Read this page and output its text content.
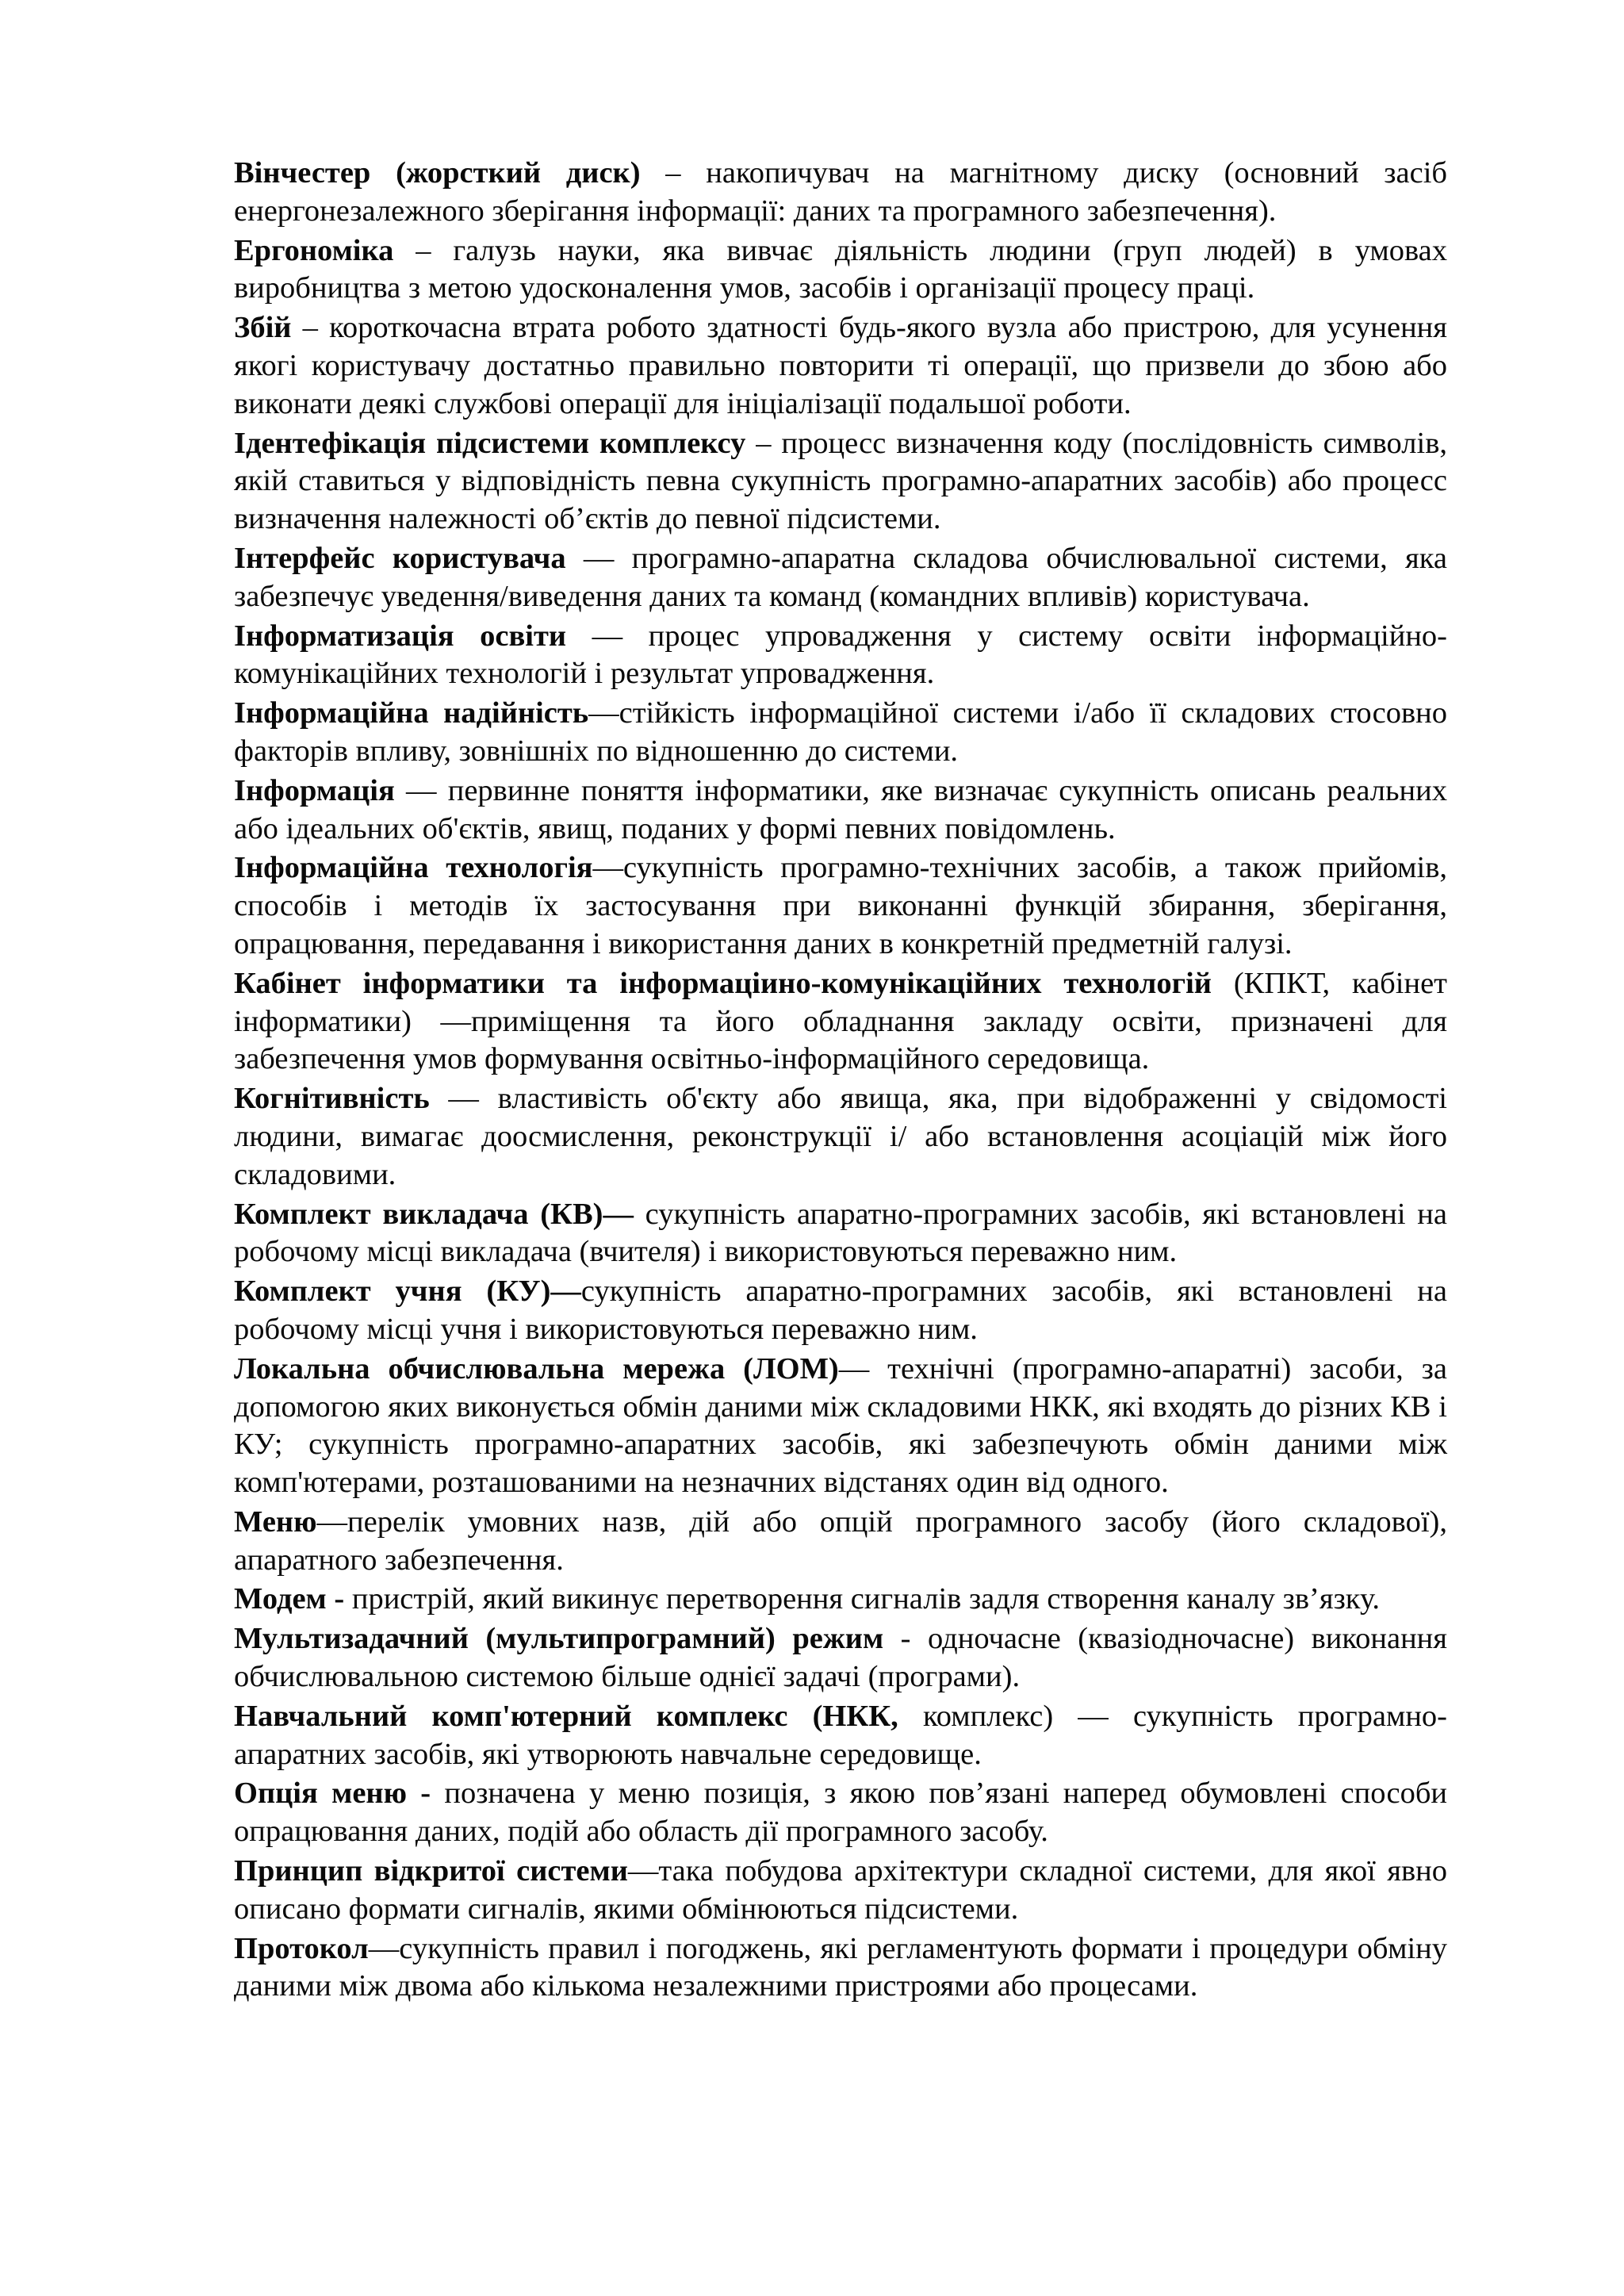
Вінчестер (жорсткий диск) – накопичувач на магнітному диску (основний засіб енергонезалежного зберігання інформації: даних та програмного забезпечення).

Ергономіка – галузь науки, яка вивчає діяльність людини (груп людей) в умовах виробництва з метою удосконалення умов, засобів і організації процесу праці.

Збій – короткочасна втрата робото здатності будь-якого вузла або пристрою, для усунення якогі користувачу достатньо правильно повторити ті операції, що призвели до збою або виконати деякі службові операції для ініціалізації подальшої роботи.

Ідентефікація підсистеми комплексу – процесс визначення коду (послідовність символів, якій ставиться у відповідність певна сукупність програмно-апаратних засобів) або процесс визначення належності об’єктів до певної підсистеми.

Інтерфейс користувача — програмно-апаратна складова обчислювальної системи, яка забезпечує уведення/виведення даних та команд (командних впливів) користувача.

Інформатизація освіти — процес упровадження у систему освіти інформаційно-комунікаційних технологій і результат упровадження.

Інформаційна надійність—стійкість інформаційної системи і/або її складових стосовно факторів впливу, зовнішніх по відношенню до системи.

Інформація — первинне поняття інформатики, яке визначає сукупність описань реальних або ідеальних об'єктів, явищ, поданих у формі певних повідомлень.

Інформаційна технологія—сукупність програмно-технічних засобів, а також прийомів, способів і методів їх застосування при виконанні функцій збирання, зберігання, опрацювання, передавання і використання даних в конкретній предметній галузі.

Кабінет інформатики та інформаціино-комунікаційних технологій (КПКТ, кабінет інформатики) —приміщення та його обладнання закладу освіти, призначені для забезпечення умов формування освітньо-інформаційного середовища.

Когнітивність — властивість об'єкту або явища, яка, при відображенні у свідомості людини, вимагає доосмислення, реконструкції і/ або встановлення асоціацій між його складовими.

Комплект викладача (КВ)— сукупність апаратно-програмних засобів, які встановлені на робочому місці викладача (вчителя) і використовуються переважно ним.

Комплект учня (КУ)—сукупність апаратно-програмних засобів, які встановлені на робочому місці учня і використовуються переважно ним.

Локальна обчислювальна мережа (ЛОМ)— технічні (програмно-апаратні) засоби, за допомогою яких виконується обмін даними між складовими НКК, які входять до різних КВ і КУ; сукупність програмно-апаратних засобів, які забезпечують обмін даними між комп'ютерами, розташованими на незначних відстанях один від одного.

Меню—перелік умовних назв, дій або опцій програмного засобу (його складової), апаратного забезпечення.

Модем - пристрій, який викинує перетворення сигналів задля створення каналу зв’язку.

Мультизадачний (мультипрограмний) режим - одночасне (квазіодночасне) виконання обчислювальною системою більше однієї задачі (програми).

Навчальний комп'ютерний комплекс (НКК, комплекс) — сукупність програмно-апаратних засобів, які утворюють навчальне середовище.

Опція меню - позначена у меню позиція, з якою пов’язані наперед обумовлені способи опрацювання даних, подій або область дії програмного засобу.

Принцип відкритої системи—така побудова архітектури складної системи, для якої явно описано формати сигналів, якими обмінюються підсистеми.

Протокол—сукупність правил і погоджень, які регламентують формати і процедури обміну даними між двома або кількома незалежними пристроями або процесами.
